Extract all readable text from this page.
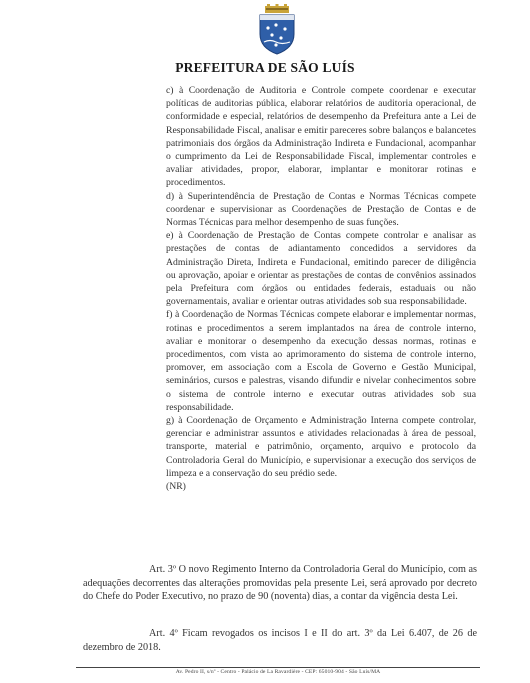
PREFEITURA DE SÃO LUÍS

c) à Coordenação de Auditoria e Controle compete coordenar e executar políticas de auditorias pública, elaborar relatórios de auditoria operacional, de conformidade e especial, relatórios de desempenho da Prefeitura ante a Lei de Responsabilidade Fiscal, analisar e emitir pareceres sobre balanços e balancetes patrimoniais dos órgãos da Administração Indireta e Fundacional, acompanhar o cumprimento da Lei de Responsabilidade Fiscal, implementar controles e avaliar atividades, propor, elaborar, implantar e monitorar rotinas e procedimentos.

d) à Superintendência de Prestação de Contas e Normas Técnicas compete coordenar e supervisionar as Coordenações de Prestação de Contas e de Normas Técnicas para melhor desempenho de suas funções.

e) à Coordenação de Prestação de Contas compete controlar e analisar as prestações de contas de adiantamento concedidos a servidores da Administração Direta, Indireta e Fundacional, emitindo parecer de diligência ou aprovação, apoiar e orientar as prestações de contas de convênios assinados pela Prefeitura com órgãos ou entidades federais, estaduais ou não governamentais, avaliar e orientar outras atividades sob sua responsabilidade.

f) à Coordenação de Normas Técnicas compete elaborar e implementar normas, rotinas e procedimentos a serem implantados na área de controle interno, avaliar e monitorar o desempenho da execução dessas normas, rotinas e procedimentos, com vista ao aprimoramento do sistema de controle interno, promover, em associação com a Escola de Governo e Gestão Municipal, seminários, cursos e palestras, visando difundir e nivelar conhecimentos sobre o sistema de controle interno e executar outras atividades sob sua responsabilidade.

g) à Coordenação de Orçamento e Administração Interna compete controlar, gerenciar e administrar assuntos e atividades relacionadas à área de pessoal, transporte, material e patrimônio, orçamento, arquivo e protocolo da Controladoria Geral do Município, e supervisionar a execução dos serviços de limpeza e a conservação do seu prédio sede.

(NR)

Art. 3º O novo Regimento Interno da Controladoria Geral do Município, com as adequações decorrentes das alterações promovidas pela presente Lei, será aprovado por decreto do Chefe do Poder Executivo, no prazo de 90 (noventa) dias, a contar da vigência desta Lei.

Art. 4º Ficam revogados os incisos I e II do art. 3º da Lei 6.407, de 26 de dezembro de 2018.

Av. Pedro II, s/nº - Centro - Palácio de La Ravardière - CEP: 65010-904 - São Luís/MA
